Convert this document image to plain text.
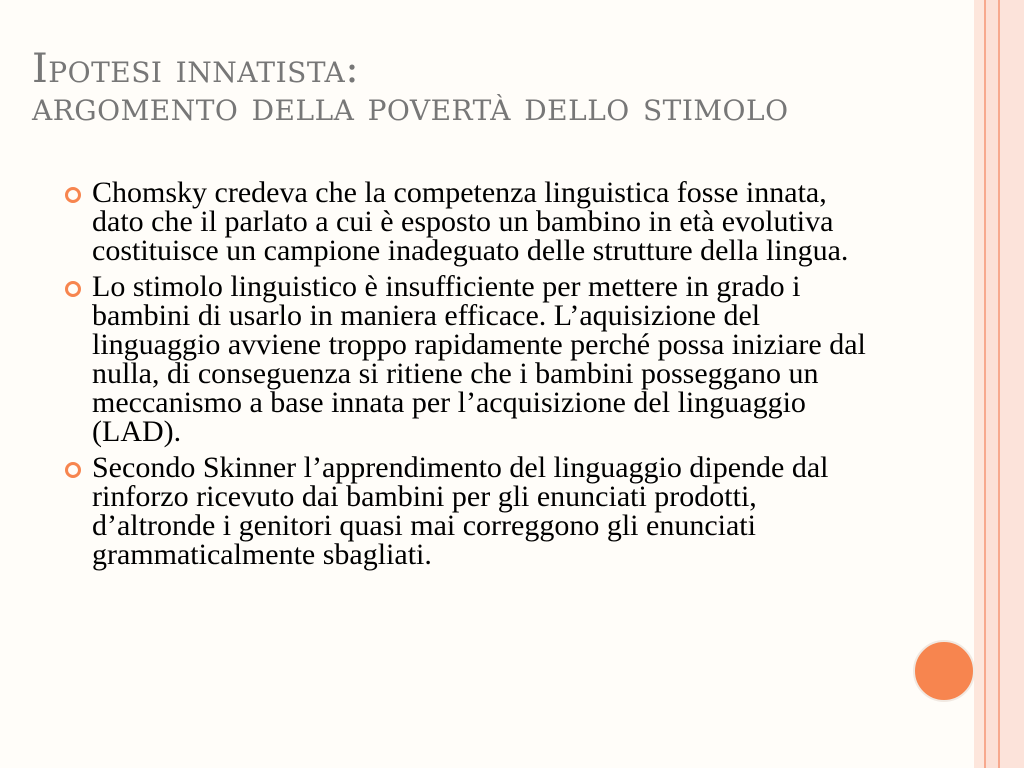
Ipotesi innatista:
argomento della povertà dello stimolo
Chomsky credeva che la competenza linguistica fosse innata, dato che il parlato a cui è esposto un bambino in età evolutiva costituisce un campione inadeguato delle strutture della lingua.
Lo stimolo linguistico è insufficiente per mettere in grado i bambini di usarlo in maniera efficace. L’aquisizione del linguaggio avviene troppo rapidamente perché possa iniziare dal nulla, di conseguenza si ritiene che i bambini posseggano un meccanismo a base innata per l’acquisizione del linguaggio (LAD).
Secondo Skinner l’apprendimento del linguaggio dipende dal rinforzo ricevuto dai bambini per gli enunciati prodotti, d’altronde i genitori quasi mai correggono gli enunciati grammaticalmente sbagliati.
